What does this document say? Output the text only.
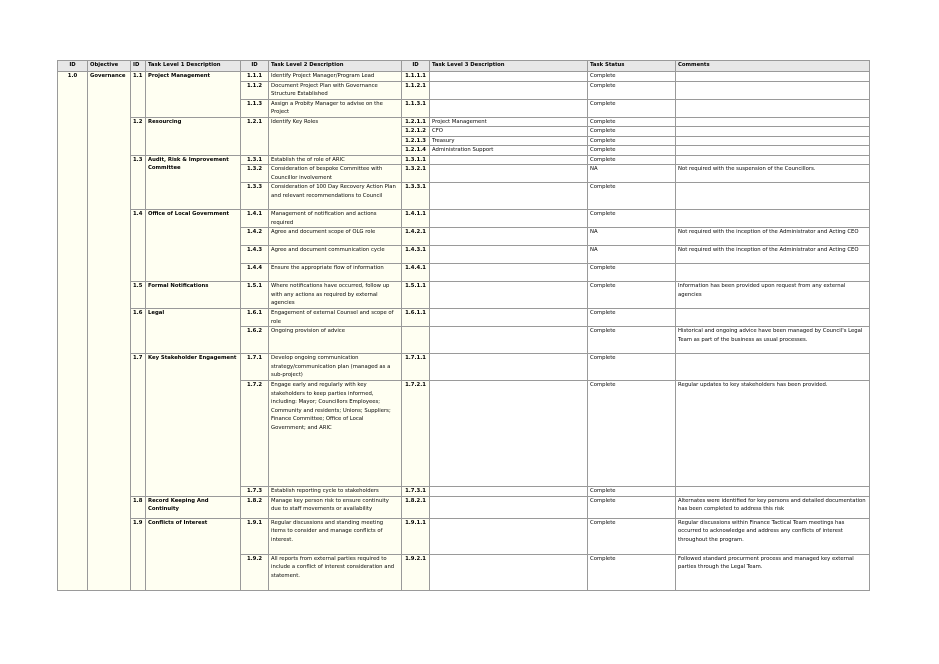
ID	Objective	ID	Task Level 1 Description	ID	Task Level 2 Description	ID	Task Level 3 Description	Task Status	Comments
1.0	Governance	1.1	Project Management	1.1.1	Identify Project Manager/Program Lead	1.1.1.1		Complete	
				1.1.2	Document Project Plan with Governance Structure Established	1.1.2.1		Complete	
				1.1.3	Assign a Probity Manager to advise on the Project	1.1.3.1		Complete	
		1.2	Resourcing	1.2.1	Identify Key Roles	1.2.1.1	Project Management	Complete	
						1.2.1.2	CFO	Complete	
						1.2.1.3	Treasury	Complete	
						1.2.1.4	Administration Support	Complete	
		1.3	Audit, Risk & Improvement Committee	1.3.1	Establish the of role of ARIC	1.3.1.1		Complete	
				1.3.2	Consideration of bespoke Committee with Councillor involvement	1.3.2.1		NA	Not required with the suspension of the Councillors.
				1.3.3	Consideration of 100 Day Recovery Action Plan and relevant recommendations to Council	1.3.3.1		Complete	
		1.4	Office of Local Government	1.4.1	Management of notification and actions required	1.4.1.1		Complete	
				1.4.2	Agree and document scope of OLG role	1.4.2.1		NA	Not required with the inception of the Administrator and Acting CEO
				1.4.3	Agree and document communication cycle	1.4.3.1		NA	Not required with the inception of the Administrator and Acting CEO
				1.4.4	Ensure the appropriate flow of information	1.4.4.1		Complete	
		1.5	Formal Notifications	1.5.1	Where notifications have occurred, follow up with any actions as required by external agencies	1.5.1.1		Complete	Information has been provided upon request from any external agencies
		1.6	Legal	1.6.1	Engagement of external Counsel and scope of role	1.6.1.1		Complete	
				1.6.2	Ongoing provision of advice			Complete	Historical and ongoing advice have been managed by Council's Legal Team as part of the business as usual processes.
		1.7	Key Stakeholder Engagement	1.7.1	Develop ongoing communication strategy/communication plan (managed as a sub-project)	1.7.1.1		Complete	
				1.7.2	Engage early and regularly with key stakeholders to keep parties informed, including: Mayor; Councillors Employees; Community and residents; Unions; Suppliers; Finance Committee; Office of Local Government; and ARIC	1.7.2.1		Complete	Regular updates to key stakeholders has been provided.
				1.7.3	Establish reporting cycle to stakeholders	1.7.3.1		Complete	
		1.8	Record Keeping And Continuity	1.8.2	Manage key person risk to ensure continuity due to staff movements or availability	1.8.2.1		Complete	Alternates were identified for key persons and detailed documentation has been completed to address this risk
		1.9	Conflicts of Interest	1.9.1	Regular discussions and standing meeting items to consider and manage conflicts of interest.	1.9.1.1		Complete	Regular discussions within Finance Tactical Team meetings has occurred to acknowledge and address any conflicts of interest throughout the program.
				1.9.2	All reports from external parties required to include a conflict of interest consideration and statement.	1.9.2.1		Complete	Followed standard procurment process and managed key external parties through the Legal Team.
